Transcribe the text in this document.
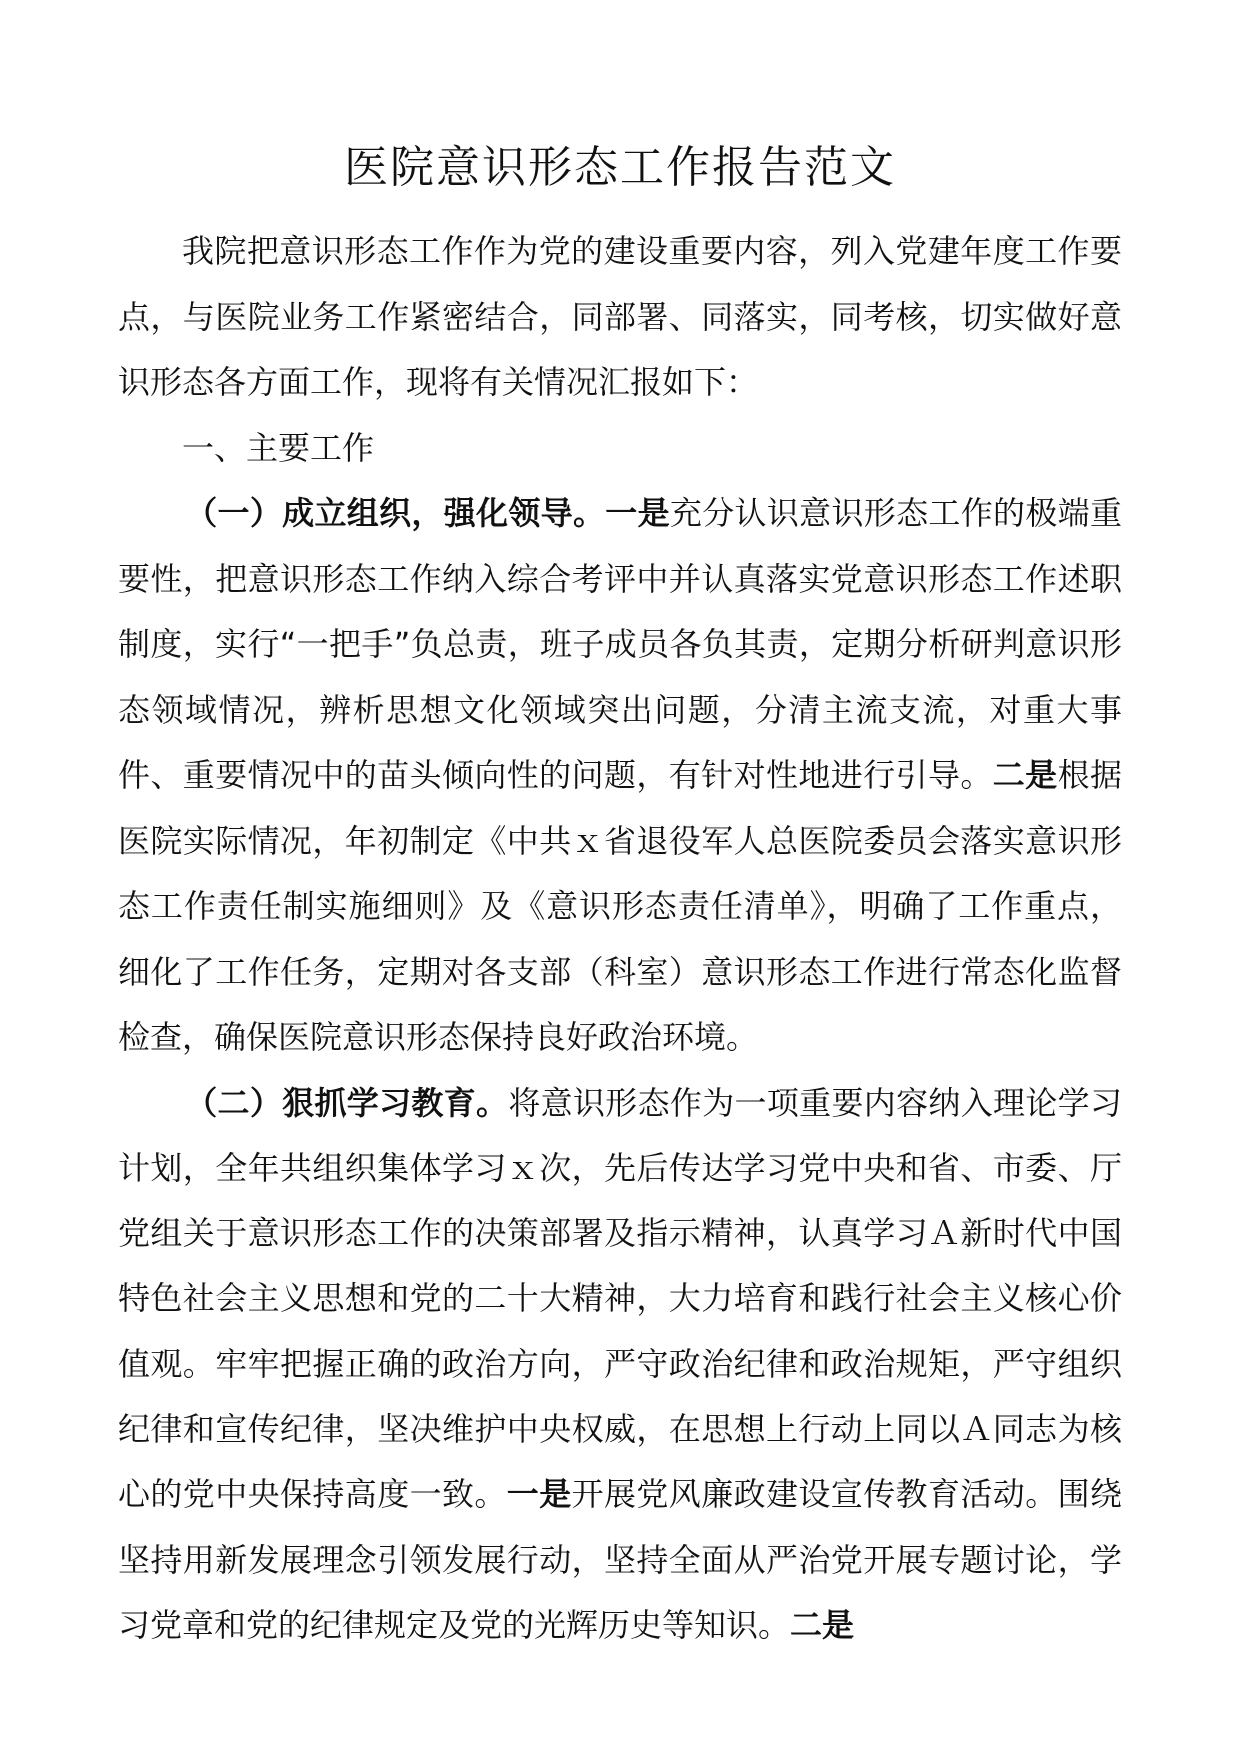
医院意识形态工作报告范文

我院把意识形态工作作为党的建设重要内容，列入党建年度工作要点，与医院业务工作紧密结合，同部署、同落实，同考核，切实做好意识形态各方面工作，现将有关情况汇报如下：

一、主要工作

（一）成立组织，强化领导。一是充分认识意识形态工作的极端重要性，把意识形态工作纳入综合考评中并认真落实党意识形态工作述职制度，实行“一把手”负总责，班子成员各负其责，定期分析研判意识形态领域情况，辨析思想文化领域突出问题，分清主流支流，对重大事件、重要情况中的苗头倾向性的问题，有针对性地进行引导。二是根据医院实际情况，年初制定《中共ｘ省退役军人总医院委员会落实意识形态工作责任制实施细则》及《意识形态责任清单》，明确了工作重点，细化了工作任务，定期对各支部（科室）意识形态工作进行常态化监督检查，确保医院意识形态保持良好政治环境。

（二）狠抓学习教育。将意识形态作为一项重要内容纳入理论学习计划，全年共组织集体学习ｘ次，先后传达学习党中央和省、市委、厅党组关于意识形态工作的决策部署及指示精神，认真学习Ａ新时代中国特色社会主义思想和党的二十大精神，大力培育和践行社会主义核心价值观。牢牢把握正确的政治方向，严守政治纪律和政治规矩，严守组织纪律和宣传纪律，坚决维护中央权威，在思想上行动上同以Ａ同志为核心的党中央保持高度一致。一是开展党风廉政建设宣传教育活动。围绕坚持用新发展理念引领发展行动，坚持全面从严治党开展专题讨论，学习党章和党的纪律规定及党的光辉历史等知识。二是
